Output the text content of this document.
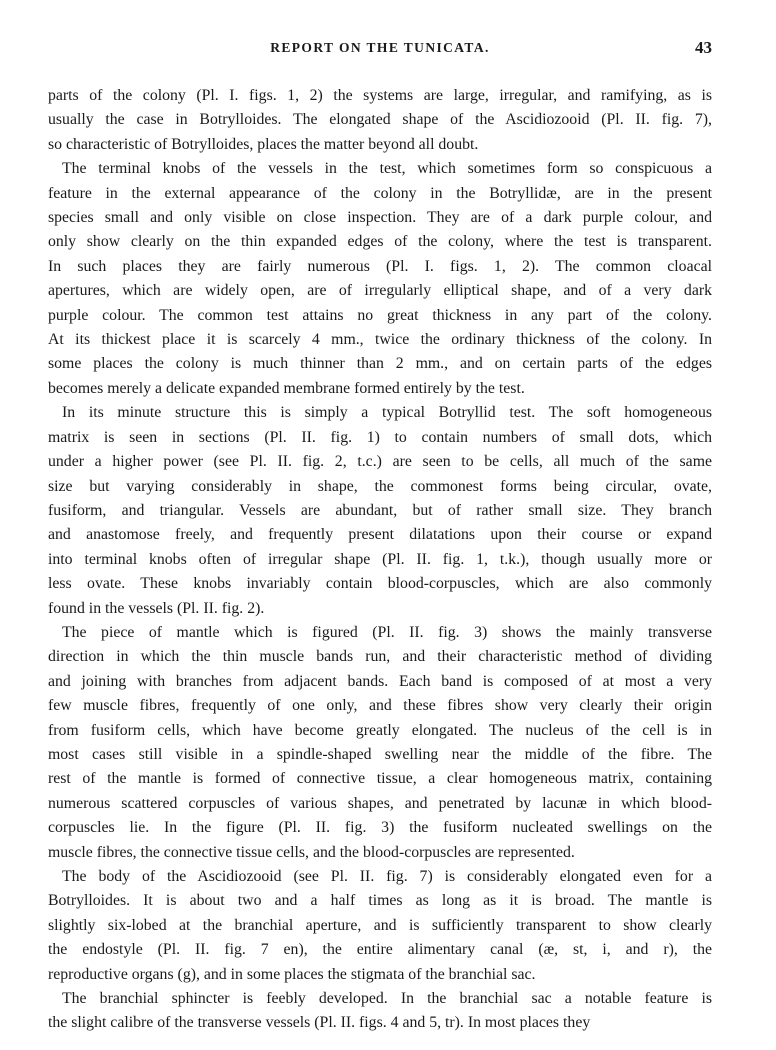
REPORT ON THE TUNICATA.	43
parts of the colony (Pl. I. figs. 1, 2) the systems are large, irregular, and ramifying, as is
usually the case in Botrylloides. The elongated shape of the Ascidiozooid (Pl. II. fig. 7),
so characteristic of Botrylloides, places the matter beyond all doubt.
The terminal knobs of the vessels in the test, which sometimes form so conspicuous a
feature in the external appearance of the colony in the Botryllidæ, are in the present
species small and only visible on close inspection. They are of a dark purple colour, and
only show clearly on the thin expanded edges of the colony, where the test is transparent.
In such places they are fairly numerous (Pl. I. figs. 1, 2). The common cloacal
apertures, which are widely open, are of irregularly elliptical shape, and of a very dark
purple colour. The common test attains no great thickness in any part of the colony.
At its thickest place it is scarcely 4 mm., twice the ordinary thickness of the colony. In
some places the colony is much thinner than 2 mm., and on certain parts of the edges
becomes merely a delicate expanded membrane formed entirely by the test.
In its minute structure this is simply a typical Botryllid test. The soft homogeneous
matrix is seen in sections (Pl. II. fig. 1) to contain numbers of small dots, which
under a higher power (see Pl. II. fig. 2, t.c.) are seen to be cells, all much of the same
size but varying considerably in shape, the commonest forms being circular, ovate,
fusiform, and triangular. Vessels are abundant, but of rather small size. They branch
and anastomose freely, and frequently present dilatations upon their course or expand
into terminal knobs often of irregular shape (Pl. II. fig. 1, t.k.), though usually more or
less ovate. These knobs invariably contain blood-corpuscles, which are also commonly
found in the vessels (Pl. II. fig. 2).
The piece of mantle which is figured (Pl. II. fig. 3) shows the mainly transverse
direction in which the thin muscle bands run, and their characteristic method of dividing
and joining with branches from adjacent bands. Each band is composed of at most a very
few muscle fibres, frequently of one only, and these fibres show very clearly their origin
from fusiform cells, which have become greatly elongated. The nucleus of the cell is in
most cases still visible in a spindle-shaped swelling near the middle of the fibre. The
rest of the mantle is formed of connective tissue, a clear homogeneous matrix, containing
numerous scattered corpuscles of various shapes, and penetrated by lacunæ in which blood-
corpuscles lie. In the figure (Pl. II. fig. 3) the fusiform nucleated swellings on the
muscle fibres, the connective tissue cells, and the blood-corpuscles are represented.
The body of the Ascidiozooid (see Pl. II. fig. 7) is considerably elongated even for a
Botrylloides. It is about two and a half times as long as it is broad. The mantle is
slightly six-lobed at the branchial aperture, and is sufficiently transparent to show clearly
the endostyle (Pl. II. fig. 7 en), the entire alimentary canal (æ, st, i, and r), the
reproductive organs (g), and in some places the stigmata of the branchial sac.
The branchial sphincter is feebly developed. In the branchial sac a notable feature is
the slight calibre of the transverse vessels (Pl. II. figs. 4 and 5, tr). In most places they
